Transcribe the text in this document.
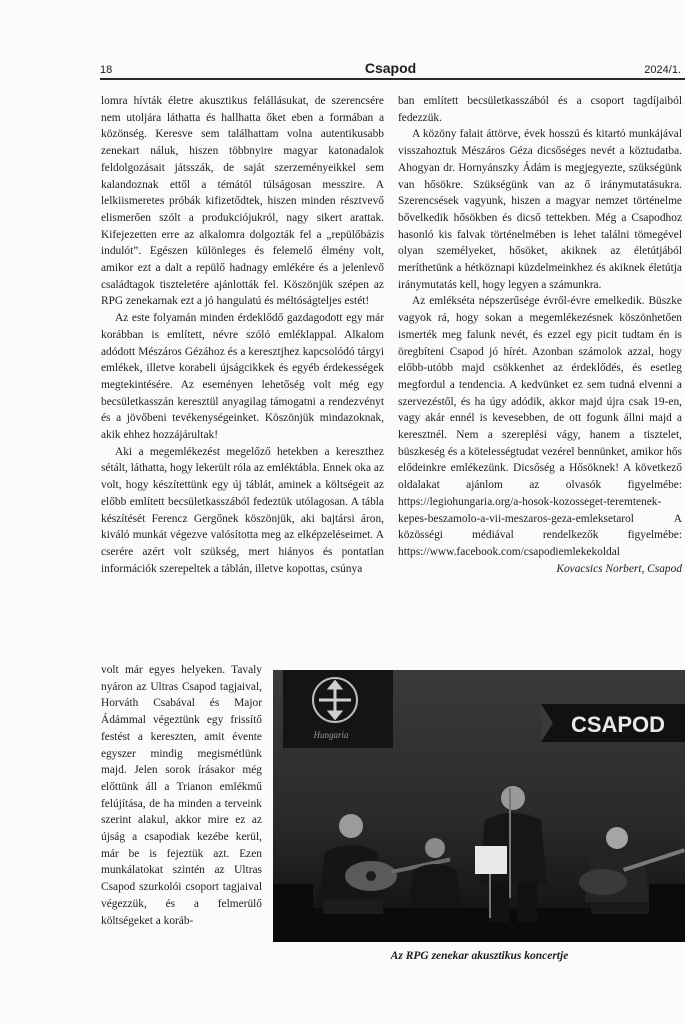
18	Csapod	2024/1.

lomra hívták életre akusztikus felállásukat, de szerencsére nem utoljára láthatta és hallhatta őket eben a formában a közönség. Keresve sem találhattam volna autentikusabb zenekart náluk, hiszen többnyire magyar katonadalok feldolgozásait játsszák, de saját szerzeményeikkel sem kalandoznak ettől a témától túlságosan messzire. A lelkiismeretes próbák kifizetődtek, hiszen minden résztvevő elismerően szólt a produkciójukról, nagy sikert arattak. Kifejezetten erre az alkalomra dolgozták fel a „repülőbázis indulót”. Egészen különleges és felemelő élmény volt, amikor ezt a dalt a repülő hadnagy emlékére és a jelenlevő családtagok tiszteletére ajánlották fel. Köszönjük szépen az RPG zenekarnak ezt a jó hangulatú és méltóságteljes estét!

Az este folyamán minden érdeklődő gazdagodott egy már korábban is említett, névre szóló emléklappal. Alkalom adódott Mészáros Gézához és a keresztjhez kapcsolódó tárgyi emlékek, illetve korabeli újságcikkek és egyéb érdekességek megtekintésére. Az eseményen lehetőség volt még egy becsületkasszán keresztül anyagilag támogatni a rendezvényt és a jövőbeni tevékenységeinket. Köszönjük mindazoknak, akik ehhez hozzájárultak!

Aki a megemlékezést megelőző hetekben a kereszthez sétált, láthatta, hogy lekerült róla az emléktábla. Ennek oka az volt, hogy készítettünk egy új táblát, aminek a költségeit az előbb említett becsületkasszából fedeztük utólagosan. A tábla készítését Ferencz Gergőnek köszönjük, aki bajtársi áron, kiváló munkát végezve valósította meg az elképzeléseimet. A cserére azért volt szükség, mert hiányos és pontatlan információk szerepeltek a táblán, illetve kopottas, csúnya

volt már egyes helyeken. Tavaly nyáron az Ultras Csapod tagjaival, Horváth Csabával és Major Ádámmal végeztünk egy frissítő festést a kereszten, amit évente egyszer mindig megismétlünk majd. Jelen sorok írásakor még előttünk áll a Trianon emlékmű felújítása, de ha minden a terveink szerint alakul, akkor mire ez az újság a csapodiak kezébe kerül, már be is fejeztük azt. Ezen munkálatokat szintén az Ultras Csapod szurkolói csoport tagjaival végezzük, és a felmerülő költségeket a koráb-

ban említett becsületkasszából és a csoport tagdíjaiból fedezzük.

A közöny falait áttörve, évek hosszú és kitartó munkájával visszahoztuk Mészáros Géza dicsőséges nevét a köztudatba. Ahogyan dr. Hornyánszky Ádám is megjegyezte, szükségünk van hősökre. Szükségünk van az ő iránymutatásukra. Szerencsések vagyunk, hiszen a magyar nemzet történelme bővelkedik hősökben és dicső tettekben. Még a Csapodhoz hasonló kis falvak történelmében is lehet találni tömegével olyan személyeket, hősöket, akiknek az életútjából meríthetünk a hétköznapi küzdelmeinkhez és akiknek életútja iránymutatás kell, hogy legyen a számunkra.

Az emlékséta népszerűsége évről-évre emelkedik. Büszke vagyok rá, hogy sokan a megemlékezésnek köszönhetően ismerték meg falunk nevét, és ezzel egy picit tudtam én is öregbíteni Csapod jó hírét. Azonban számolok azzal, hogy előbb-utóbb majd csökkenhet az érdeklődés, és esetleg megfordul a tendencia. A kedvünket ez sem tudná elvenni a szervezéstől, és ha úgy adódik, akkor majd újra csak 19-en, vagy akár ennél is kevesebben, de ott fogunk állni majd a keresztnél. Nem a szereplési vágy, hanem a tisztelet, büszkeség és a kötelességtudat vezérel bennünket, amikor hős elődeinkre emlékezünk. Dicsőség a Hősöknek! A következő oldalakat ajánlom az olvasók figyelmébe: https://legiohungaria.org/a-hosok-kozosseget-teremtenek-kepes-beszamolo-a-vii-meszaros-geza-emleksetarol A közösségi médiával rendelkezők figyelmébe: https://www.facebook.com/csapodiemlekekoldal

Kovacsics Norbert, Csapod

Hungaria	CSAPOD
Az RPG zenekar akusztikus koncertje
